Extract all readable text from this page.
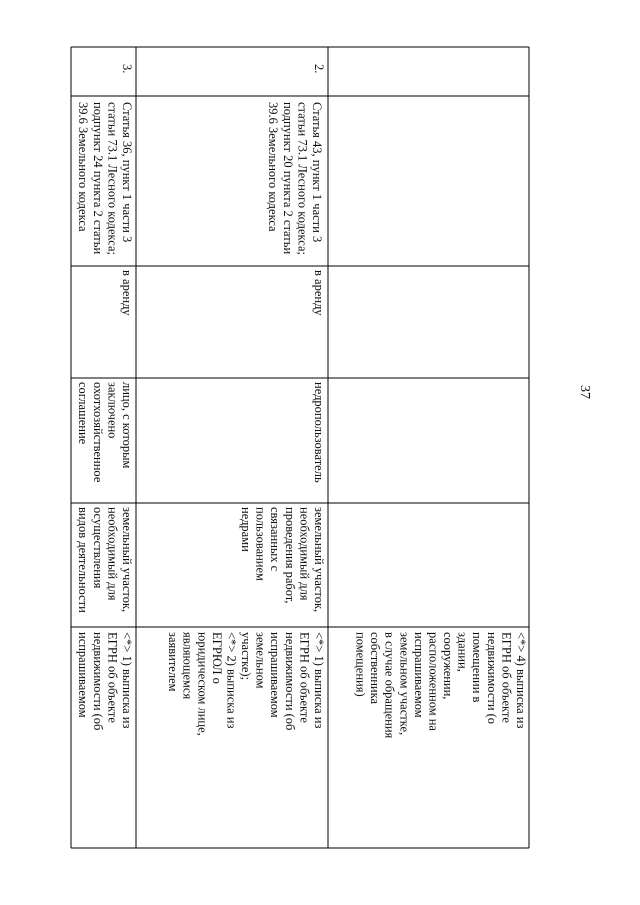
37
<*> 4) выписка из
ЕГРН об объекте
недвижимости (о
помещении в
здании,
сооружении,
расположенном на
испрашиваемом
земельном участке,
в случае обращения
собственника
помещения)
2.
Статья 43, пункт 1 части 3
статьи 73.1 Лесного кодекса;
подпункт 20 пункта 2 статьи
39.6 Земельного кодекса
в аренду
недропользователь
земельный участок,
необходимый для
проведения работ,
связанных с
пользованием
недрами
<*> 1) выписка из
ЕГРН об объекте
недвижимости (об
испрашиваемом
земельном
участке);
<*> 2) выписка из
ЕГРЮЛ о
юридическом лице,
являющемся
заявителем
3.
Статья 36, пункт 1 части 3
статьи 73.1 Лесного кодекса;
подпункт 24 пункта 2 статьи
39.6 Земельного кодекса
в аренду
лицо, с которым
заключено
охотхозяйственное
соглашение
земельный участок,
необходимый для
осуществления
видов деятельности
<*> 1) выписка из
ЕГРН об объекте
недвижимости (об
испрашиваемом
